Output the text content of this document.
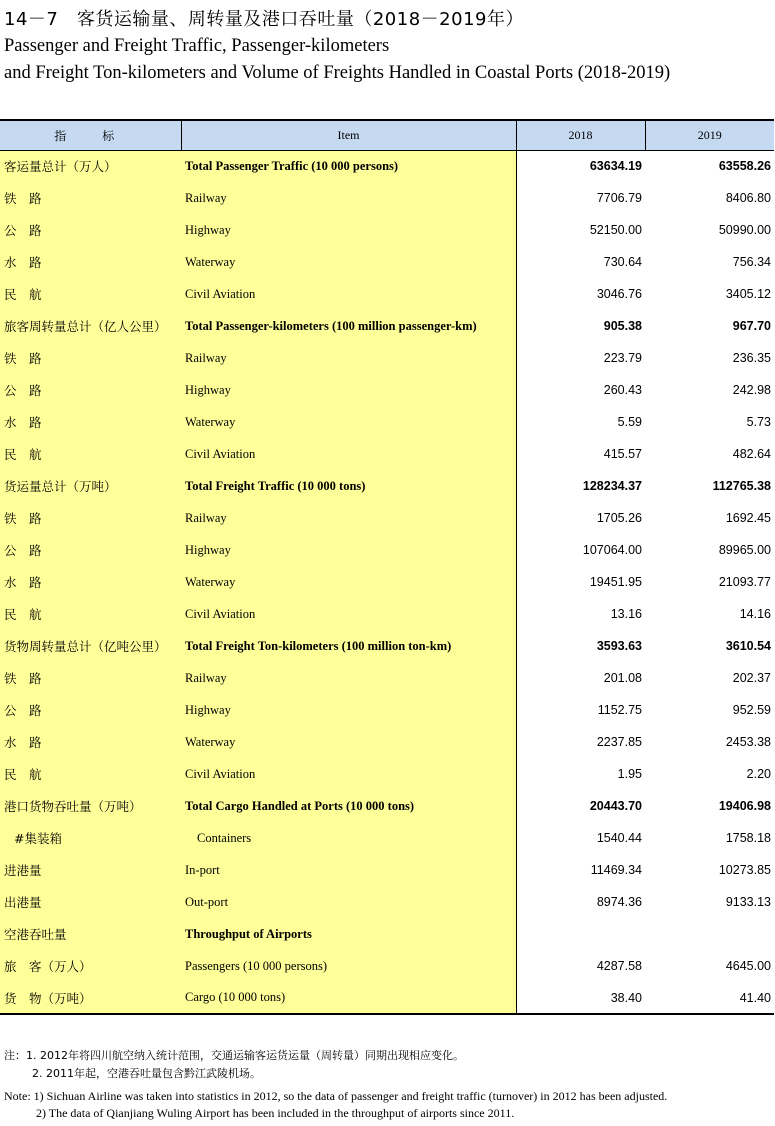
14－7　客货运输量、周转量及港口吞吐量（2018－2019年）
Passenger and Freight Traffic, Passenger-kilometers
and Freight Ton-kilometers and Volume of Freights Handled in Coastal Ports (2018-2019)
指　标	Item	2018	2019
客运量总计（万人）	Total Passenger Traffic (10 000 persons)	63634.19	63558.26
铁　路	Railway	7706.79	8406.80
公　路	Highway	52150.00	50990.00
水　路	Waterway	730.64	756.34
民　航	Civil Aviation	3046.76	3405.12
旅客周转量总计（亿人公里）	Total Passenger-kilometers (100 million passenger-km)	905.38	967.70
铁　路	Railway	223.79	236.35
公　路	Highway	260.43	242.98
水　路	Waterway	5.59	5.73
民　航	Civil Aviation	415.57	482.64
货运量总计（万吨）	Total Freight Traffic (10 000 tons)	128234.37	112765.38
铁　路	Railway	1705.26	1692.45
公　路	Highway	107064.00	89965.00
水　路	Waterway	19451.95	21093.77
民　航	Civil Aviation	13.16	14.16
货物周转量总计（亿吨公里）	Total Freight Ton-kilometers (100 million ton-km)	3593.63	3610.54
铁　路	Railway	201.08	202.37
公　路	Highway	1152.75	952.59
水　路	Waterway	2237.85	2453.38
民　航	Civil Aviation	1.95	2.20
港口货物吞吐量（万吨）	Total Cargo Handled at Ports (10 000 tons)	20443.70	19406.98
#集装箱	Containers	1540.44	1758.18
进港量	In-port	11469.34	10273.85
出港量	Out-port	8974.36	9133.13
空港吞吐量	Throughput of Airports		
旅　客（万人）	Passengers (10 000 persons)	4287.58	4645.00
货　物（万吨）	Cargo (10 000 tons)	38.40	41.40
注：1. 2012年将四川航空纳入统计范围，交通运输客运货运量（周转量）同期出现相应变化。
2. 2011年起，空港吞吐量包含黔江武陵机场。
Note: 1) Sichuan Airline was taken into statistics in 2012, so the data of passenger and freight traffic (turnover) in 2012 has been adjusted.
2) The data of Qianjiang Wuling Airport has been included in the throughput of airports since 2011.
